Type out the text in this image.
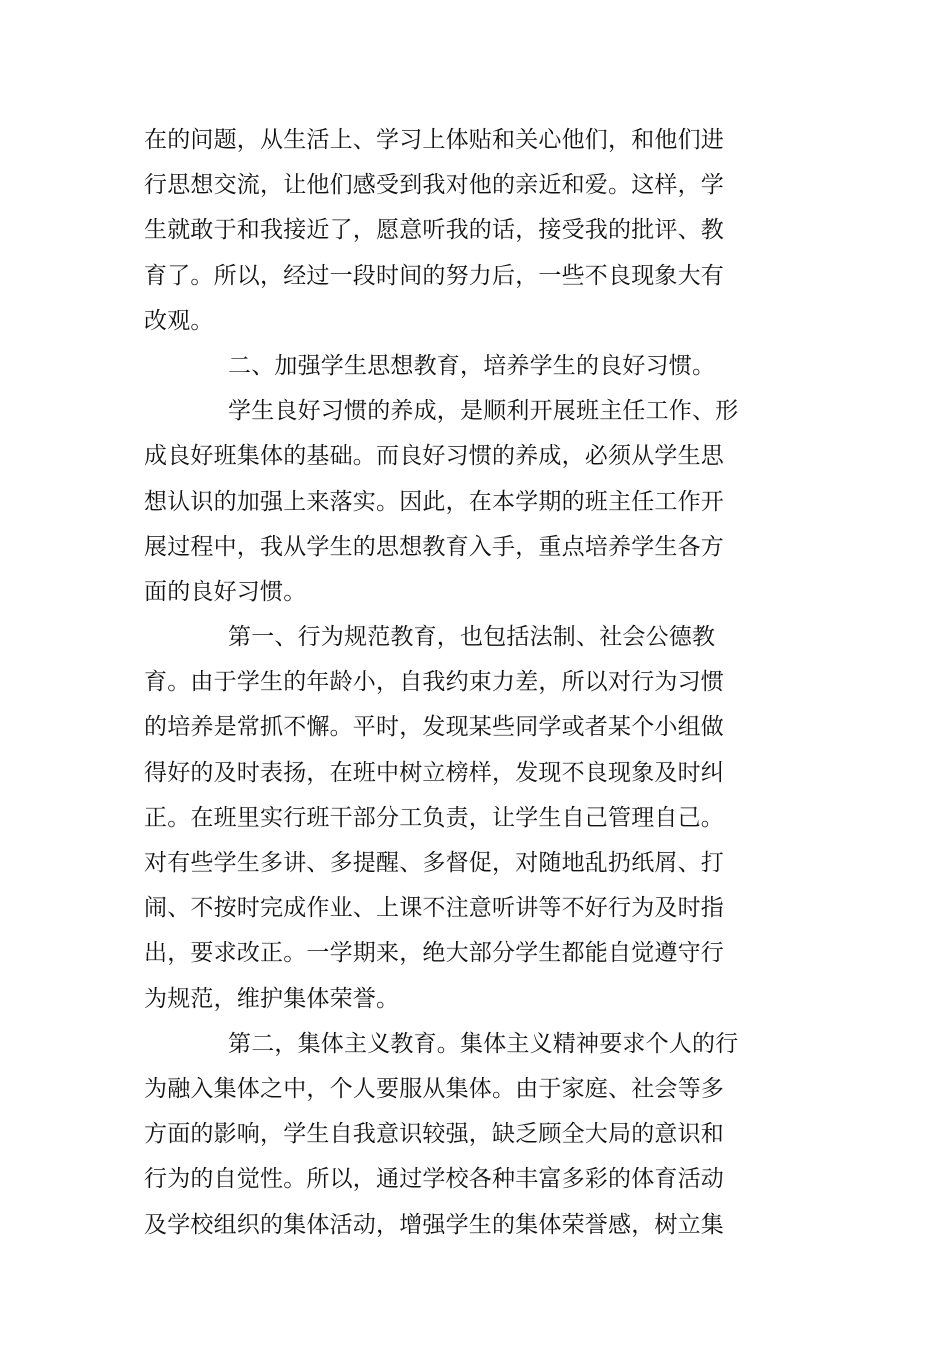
在的问题，从生活上、学习上体贴和关心他们，和他们进
行思想交流，让他们感受到我对他的亲近和爱。这样，学
生就敢于和我接近了，愿意听我的话，接受我的批评、教
育了。所以，经过一段时间的努力后，一些不良现象大有
改观。
二、加强学生思想教育，培养学生的良好习惯。
学生良好习惯的养成，是顺利开展班主任工作、形
成良好班集体的基础。而良好习惯的养成，必须从学生思
想认识的加强上来落实。因此，在本学期的班主任工作开
展过程中，我从学生的思想教育入手，重点培养学生各方
面的良好习惯。
第一、行为规范教育，也包括法制、社会公德教
育。由于学生的年龄小，自我约束力差，所以对行为习惯
的培养是常抓不懈。平时，发现某些同学或者某个小组做
得好的及时表扬，在班中树立榜样，发现不良现象及时纠
正。在班里实行班干部分工负责，让学生自己管理自己。
对有些学生多讲、多提醒、多督促，对随地乱扔纸屑、打
闹、不按时完成作业、上课不注意听讲等不好行为及时指
出，要求改正。一学期来，绝大部分学生都能自觉遵守行
为规范，维护集体荣誉。
第二，集体主义教育。集体主义精神要求个人的行
为融入集体之中，个人要服从集体。由于家庭、社会等多
方面的影响，学生自我意识较强，缺乏顾全大局的意识和
行为的自觉性。所以，通过学校各种丰富多彩的体育活动
及学校组织的集体活动，增强学生的集体荣誉感，树立集
